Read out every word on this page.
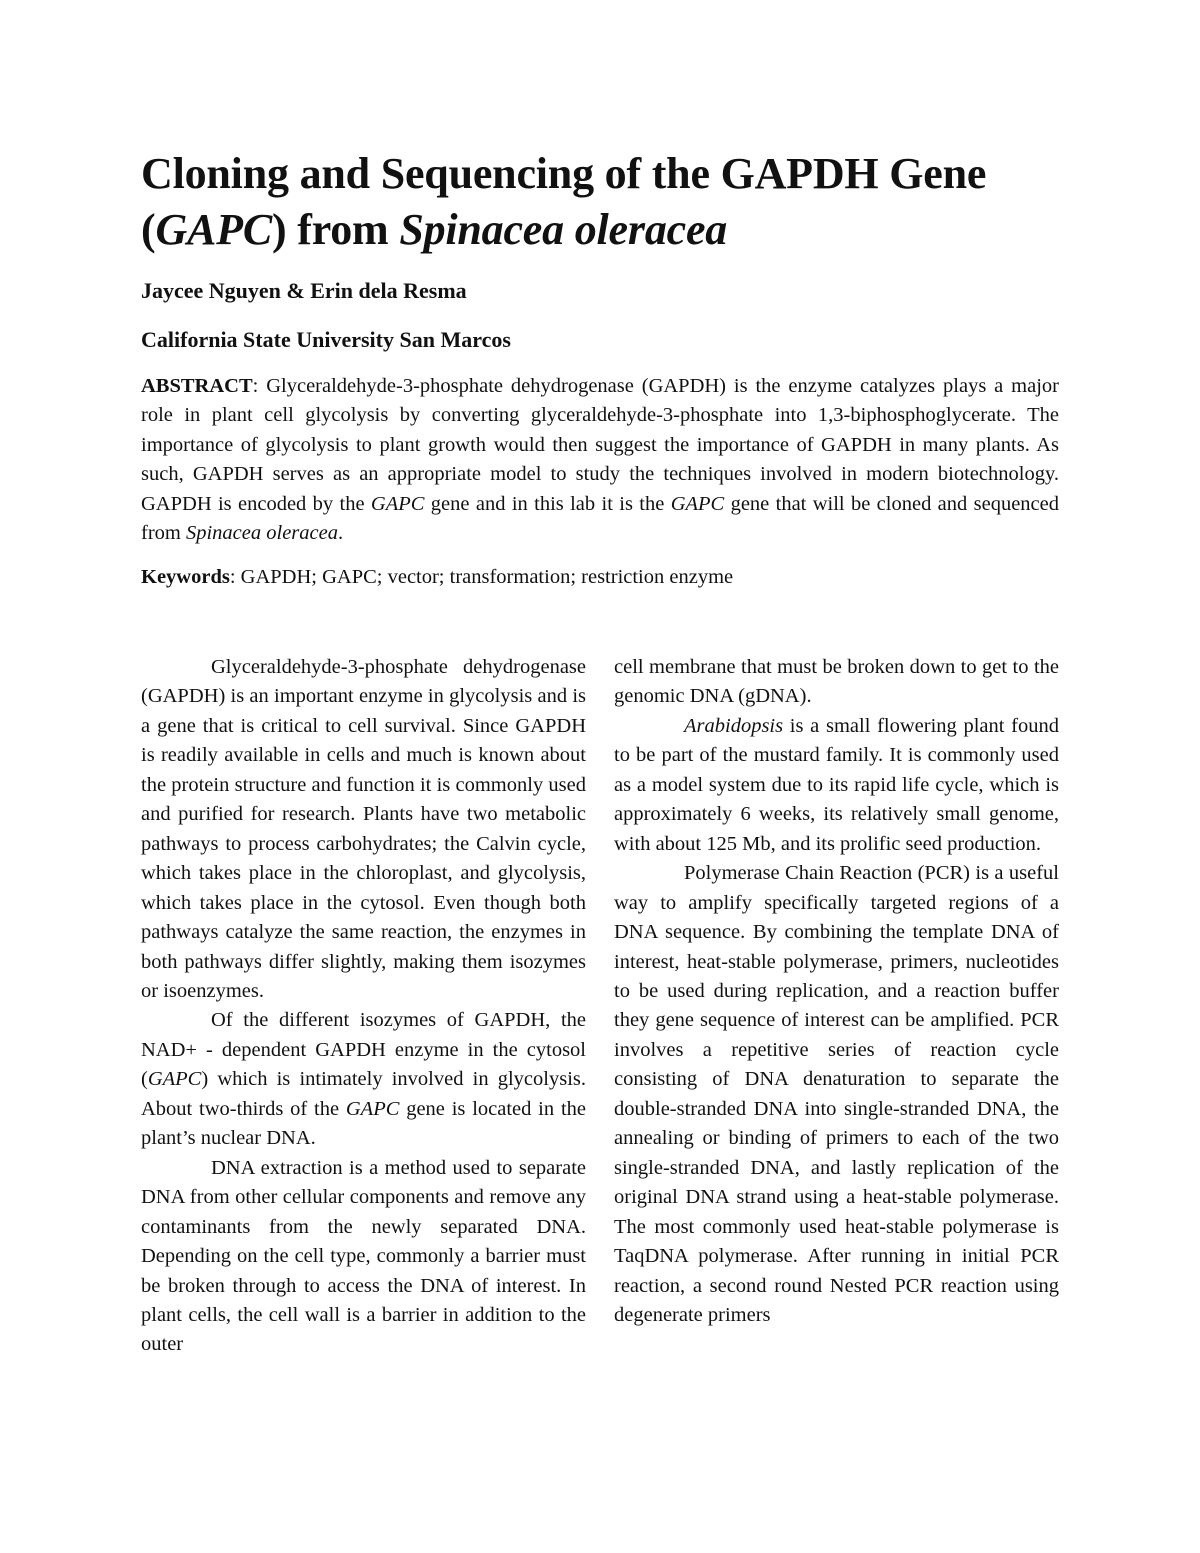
Cloning and Sequencing of the GAPDH Gene (GAPC) from Spinacea oleracea

Jaycee Nguyen & Erin dela Resma

California State University San Marcos

ABSTRACT: Glyceraldehyde-3-phosphate dehydrogenase (GAPDH) is the enzyme catalyzes plays a major role in plant cell glycolysis by converting glyceraldehyde-3-phosphate into 1,3-biphosphoglycerate. The importance of glycolysis to plant growth would then suggest the importance of GAPDH in many plants. As such, GAPDH serves as an appropriate model to study the techniques involved in modern biotechnology. GAPDH is encoded by the GAPC gene and in this lab it is the GAPC gene that will be cloned and sequenced from Spinacea oleracea.

Keywords: GAPDH; GAPC; vector; transformation; restriction enzyme

Glyceraldehyde-3-phosphate dehydrogenase (GAPDH) is an important enzyme in glycolysis and is a gene that is critical to cell survival. Since GAPDH is readily available in cells and much is known about the protein structure and function it is commonly used and purified for research. Plants have two metabolic pathways to process carbohydrates; the Calvin cycle, which takes place in the chloroplast, and glycolysis, which takes place in the cytosol. Even though both pathways catalyze the same reaction, the enzymes in both pathways differ slightly, making them isozymes or isoenzymes.

Of the different isozymes of GAPDH, the NAD+ - dependent GAPDH enzyme in the cytosol (GAPC) which is intimately involved in glycolysis. About two-thirds of the GAPC gene is located in the plant’s nuclear DNA.

DNA extraction is a method used to separate DNA from other cellular components and remove any contaminants from the newly separated DNA. Depending on the cell type, commonly a barrier must be broken through to access the DNA of interest. In plant cells, the cell wall is a barrier in addition to the outer

cell membrane that must be broken down to get to the genomic DNA (gDNA).

Arabidopsis is a small flowering plant found to be part of the mustard family. It is commonly used as a model system due to its rapid life cycle, which is approximately 6 weeks, its relatively small genome, with about 125 Mb, and its prolific seed production.

Polymerase Chain Reaction (PCR) is a useful way to amplify specifically targeted regions of a DNA sequence. By combining the template DNA of interest, heat-stable polymerase, primers, nucleotides to be used during replication, and a reaction buffer they gene sequence of interest can be amplified. PCR involves a repetitive series of reaction cycle consisting of DNA denaturation to separate the double-stranded DNA into single-stranded DNA, the annealing or binding of primers to each of the two single-stranded DNA, and lastly replication of the original DNA strand using a heat-stable polymerase. The most commonly used heat-stable polymerase is TaqDNA polymerase. After running in initial PCR reaction, a second round Nested PCR reaction using degenerate primers
